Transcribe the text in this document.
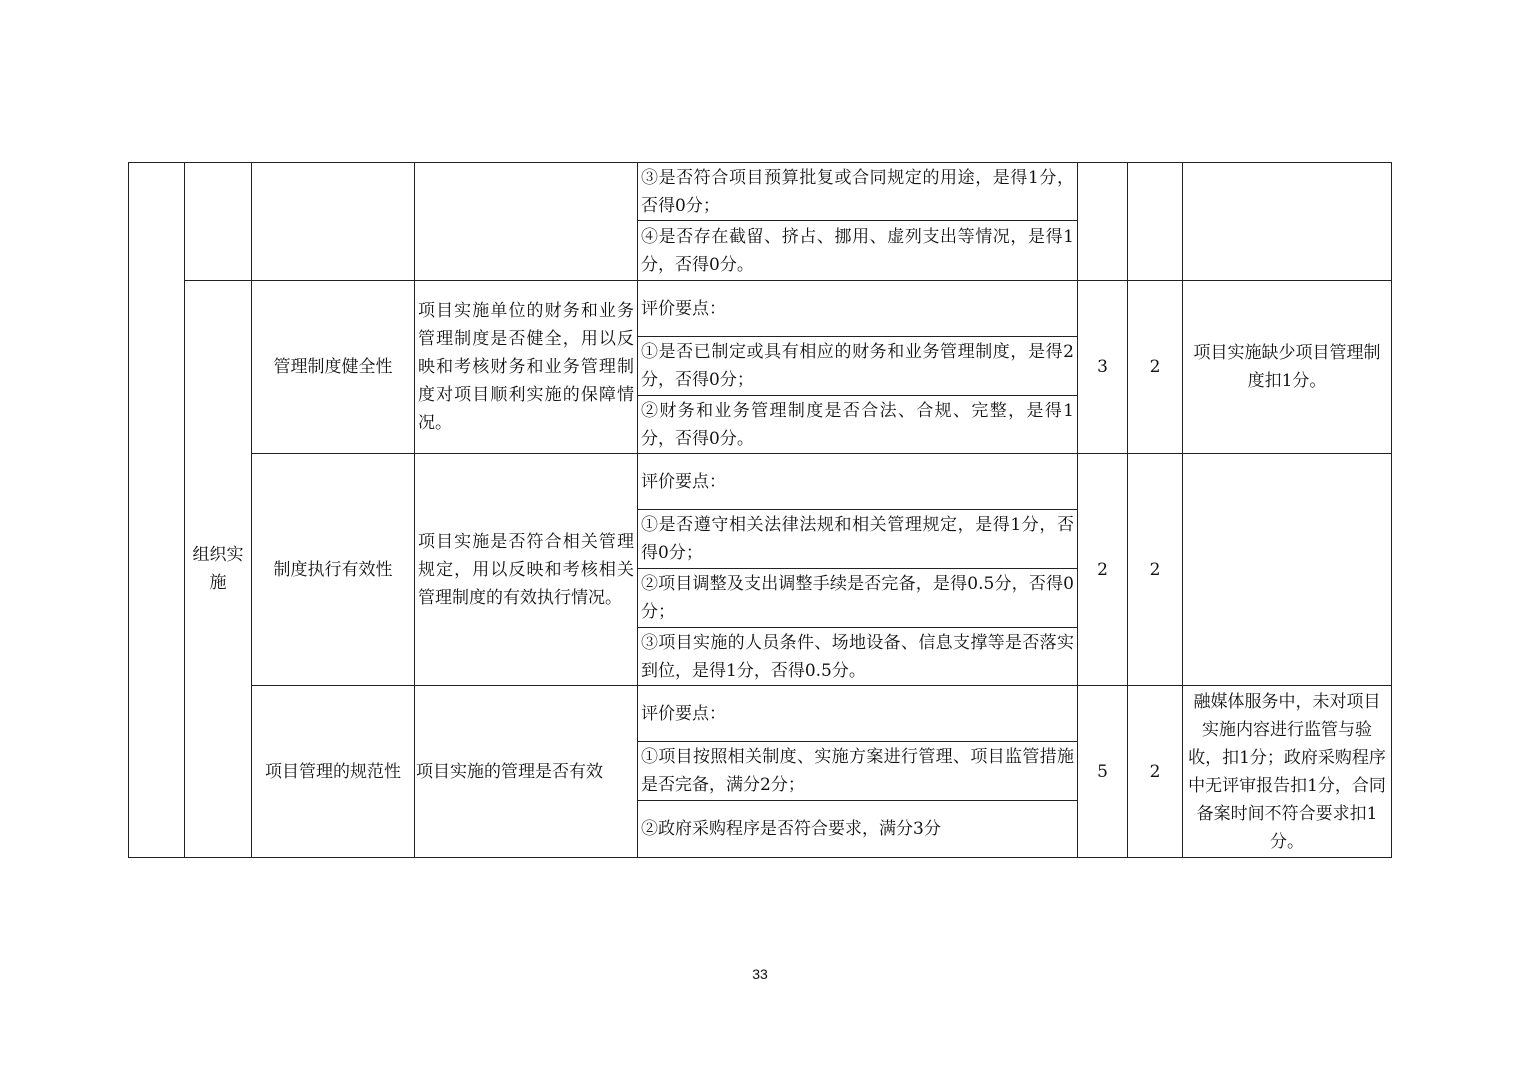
				③是否符合项目预算批复或合同规定的用途，是得1分，否得0分；			
				④是否存在截留、挤占、挪用、虚列支出等情况，是得1分，否得0分。			
	组织实施	管理制度健全性	项目实施单位的财务和业务管理制度是否健全，用以反映和考核财务和业务管理制度对项目顺利实施的保障情况。	评价要点：	3	2	项目实施缺少项目管理制度扣1分。
				①是否已制定或具有相应的财务和业务管理制度，是得2分，否得0分；			
				②财务和业务管理制度是否合法、合规、完整，是得1分，否得0分。			
		制度执行有效性	项目实施是否符合相关管理规定，用以反映和考核相关管理制度的有效执行情况。	评价要点：	2	2	
				①是否遵守相关法律法规和相关管理规定，是得1分，否得0分；			
				②项目调整及支出调整手续是否完备，是得0.5分，否得0分；			
				③项目实施的人员条件、场地设备、信息支撑等是否落实到位，是得1分，否得0.5分。			
		项目管理的规范性	项目实施的管理是否有效	评价要点：	5	2	融媒体服务中，未对项目实施内容进行监管与验收，扣1分；政府采购程序中无评审报告扣1分，合同备案时间不符合要求扣1分。
				①项目按照相关制度、实施方案进行管理、项目监管措施是否完备，满分2分；			
				②政府采购程序是否符合要求，满分3分			
33
